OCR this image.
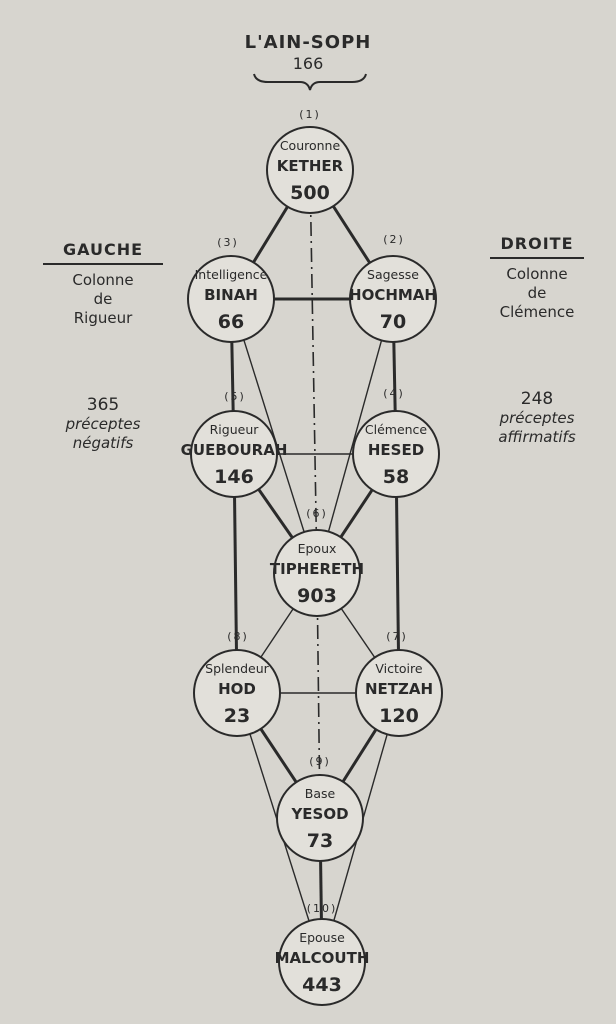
L'AIN-SOPH
166
GAUCHE
Colonne
de
Rigueur
365
préceptes
négatifs
DROITE
Colonne
de
Clémence
248
préceptes
affirmatifs
(1)
Couronne
KETHER
500
(2)
Sagesse
HOCHMAH
70
(3)
Intelligence
BINAH
66
(4)
Clémence
HESED
58
(5)
Rigueur
GUEBOURAH
146
(6)
Epoux
TIPHERETH
903
(7)
Victoire
NETZAH
120
(8)
Splendeur
HOD
23
(9)
Base
YESOD
73
(10)
Epouse
MALCOUTH
443
